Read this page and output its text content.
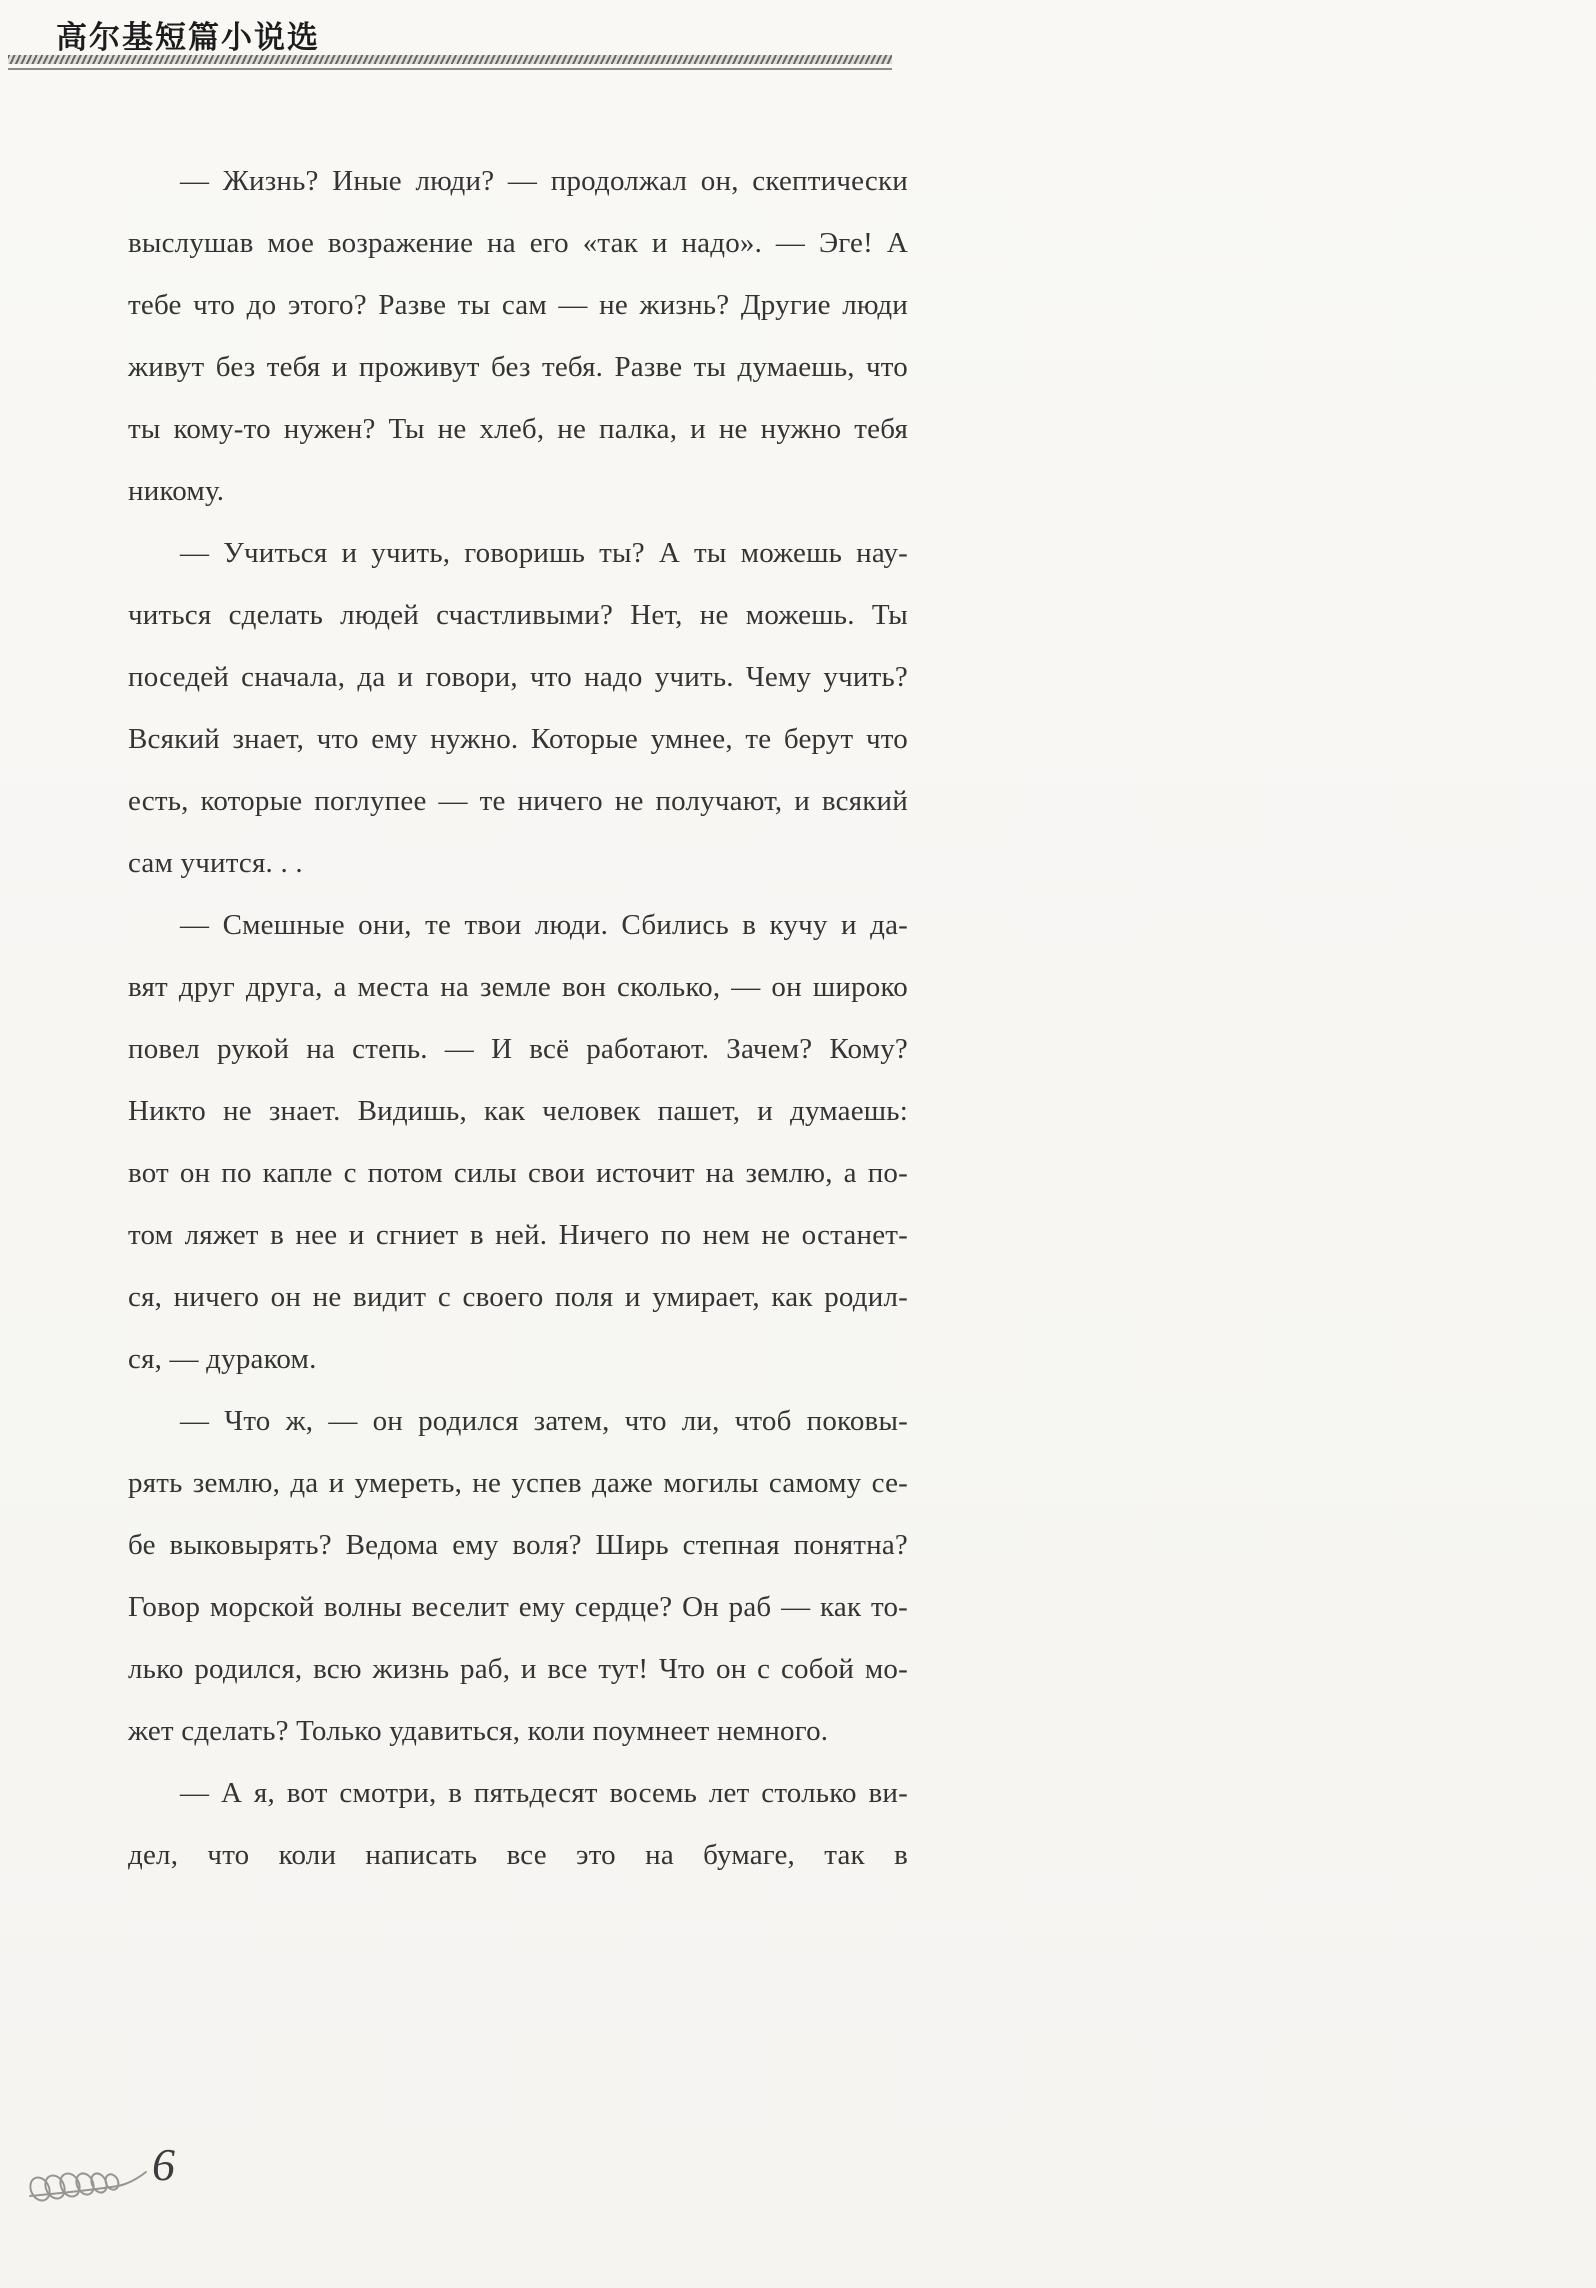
高尔基短篇小说选
— Жизнь? Иные люди? — продолжал он, скептически
выслушав мое возражение на его «так и надо». — Эге! А
тебе что до этого? Разве ты сам — не жизнь? Другие люди
живут без тебя и проживут без тебя. Разве ты думаешь, что
ты кому-то нужен? Ты не хлеб, не палка, и не нужно тебя
никому.
— Учиться и учить, говоришь ты? А ты можешь нау-
читься сделать людей счастливыми? Нет, не можешь. Ты
поседей сначала, да и говори, что надо учить. Чему учить?
Всякий знает, что ему нужно. Которые умнее, те берут что
есть, которые поглупее — те ничего не получают, и всякий
сам учится. . .
— Смешные они, те твои люди. Сбились в кучу и да-
вят друг друга, а места на земле вон сколько, — он широко
повел рукой на степь. — И всё работают. Зачем? Кому?
Никто не знает. Видишь, как человек пашет, и думаешь:
вот он по капле с потом силы свои источит на землю, а по-
том ляжет в нее и сгниет в ней. Ничего по нем не останет-
ся, ничего он не видит с своего поля и умирает, как родил-
ся, — дураком.
— Что ж, — он родился затем, что ли, чтоб поковы-
рять землю, да и умереть, не успев даже могилы самому се-
бе выковырять? Ведома ему воля? Ширь степная понятна?
Говор морской волны веселит ему сердце? Он раб — как то-
лько родился, всю жизнь раб, и все тут! Что он с собой мо-
жет сделать? Только удавиться, коли поумнеет немного.
— А я, вот смотри, в пятьдесят восемь лет столько ви-
дел, что коли написать все это на бумаге, так в
6
